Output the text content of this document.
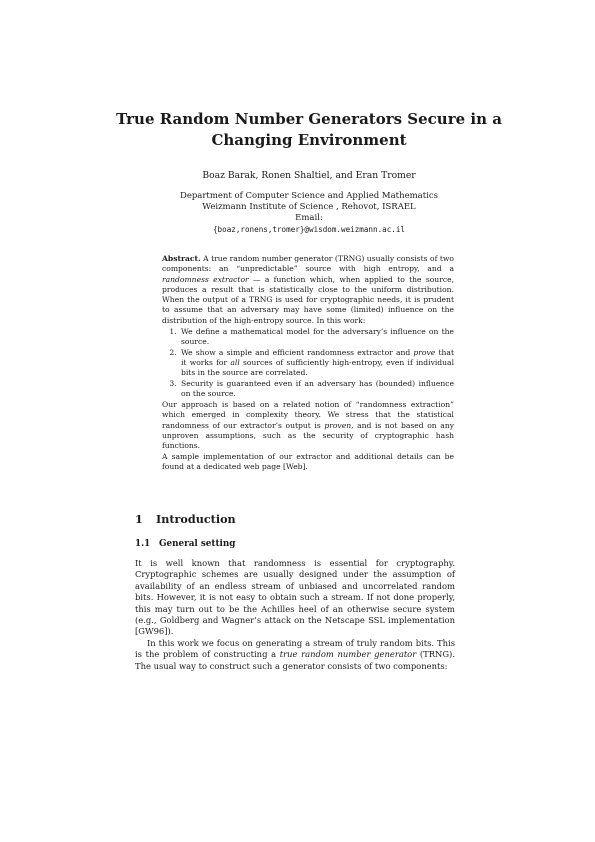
True Random Number Generators Secure in a
Changing Environment
Boaz Barak, Ronen Shaltiel, and Eran Tromer
Department of Computer Science and Applied Mathematics
Weizmann Institute of Science , Rehovot, ISRAEL
Email:
{boaz,ronens,tromer}@wisdom.weizmann.ac.il

Abstract. A true random number generator (TRNG) usually consists of two components: an “unpredictable” source with high entropy, and a randomness extractor — a function which, when applied to the source, produces a result that is statistically close to the uniform distribution. When the output of a TRNG is used for cryptographic needs, it is prudent to assume that an adversary may have some (limited) influence on the distribution of the high-entropy source. In this work:

1. We define a mathematical model for the adversary’s influence on the source.
2. We show a simple and efficient randomness extractor and prove that it works for all sources of sufficiently high-entropy, even if individual bits in the source are correlated.
3. Security is guaranteed even if an adversary has (bounded) influence on the source.

Our approach is based on a related notion of “randomness extraction” which emerged in complexity theory. We stress that the statistical randomness of our extractor’s output is proven, and is not based on any unproven assumptions, such as the security of cryptographic hash functions.

A sample implementation of our extractor and additional details can be found at a dedicated web page [Web].

1 Introduction
1.1 General setting

It is well known that randomness is essential for cryptography. Cryptographic schemes are usually designed under the assumption of availability of an endless stream of unbiased and uncorrelated random bits. However, it is not easy to obtain such a stream. If not done properly, this may turn out to be the Achilles heel of an otherwise secure system (e.g., Goldberg and Wagner’s attack on the Netscape SSL implementation [GW96]).

In this work we focus on generating a stream of truly random bits. This is the problem of constructing a true random number generator (TRNG). The usual way to construct such a generator consists of two components:
